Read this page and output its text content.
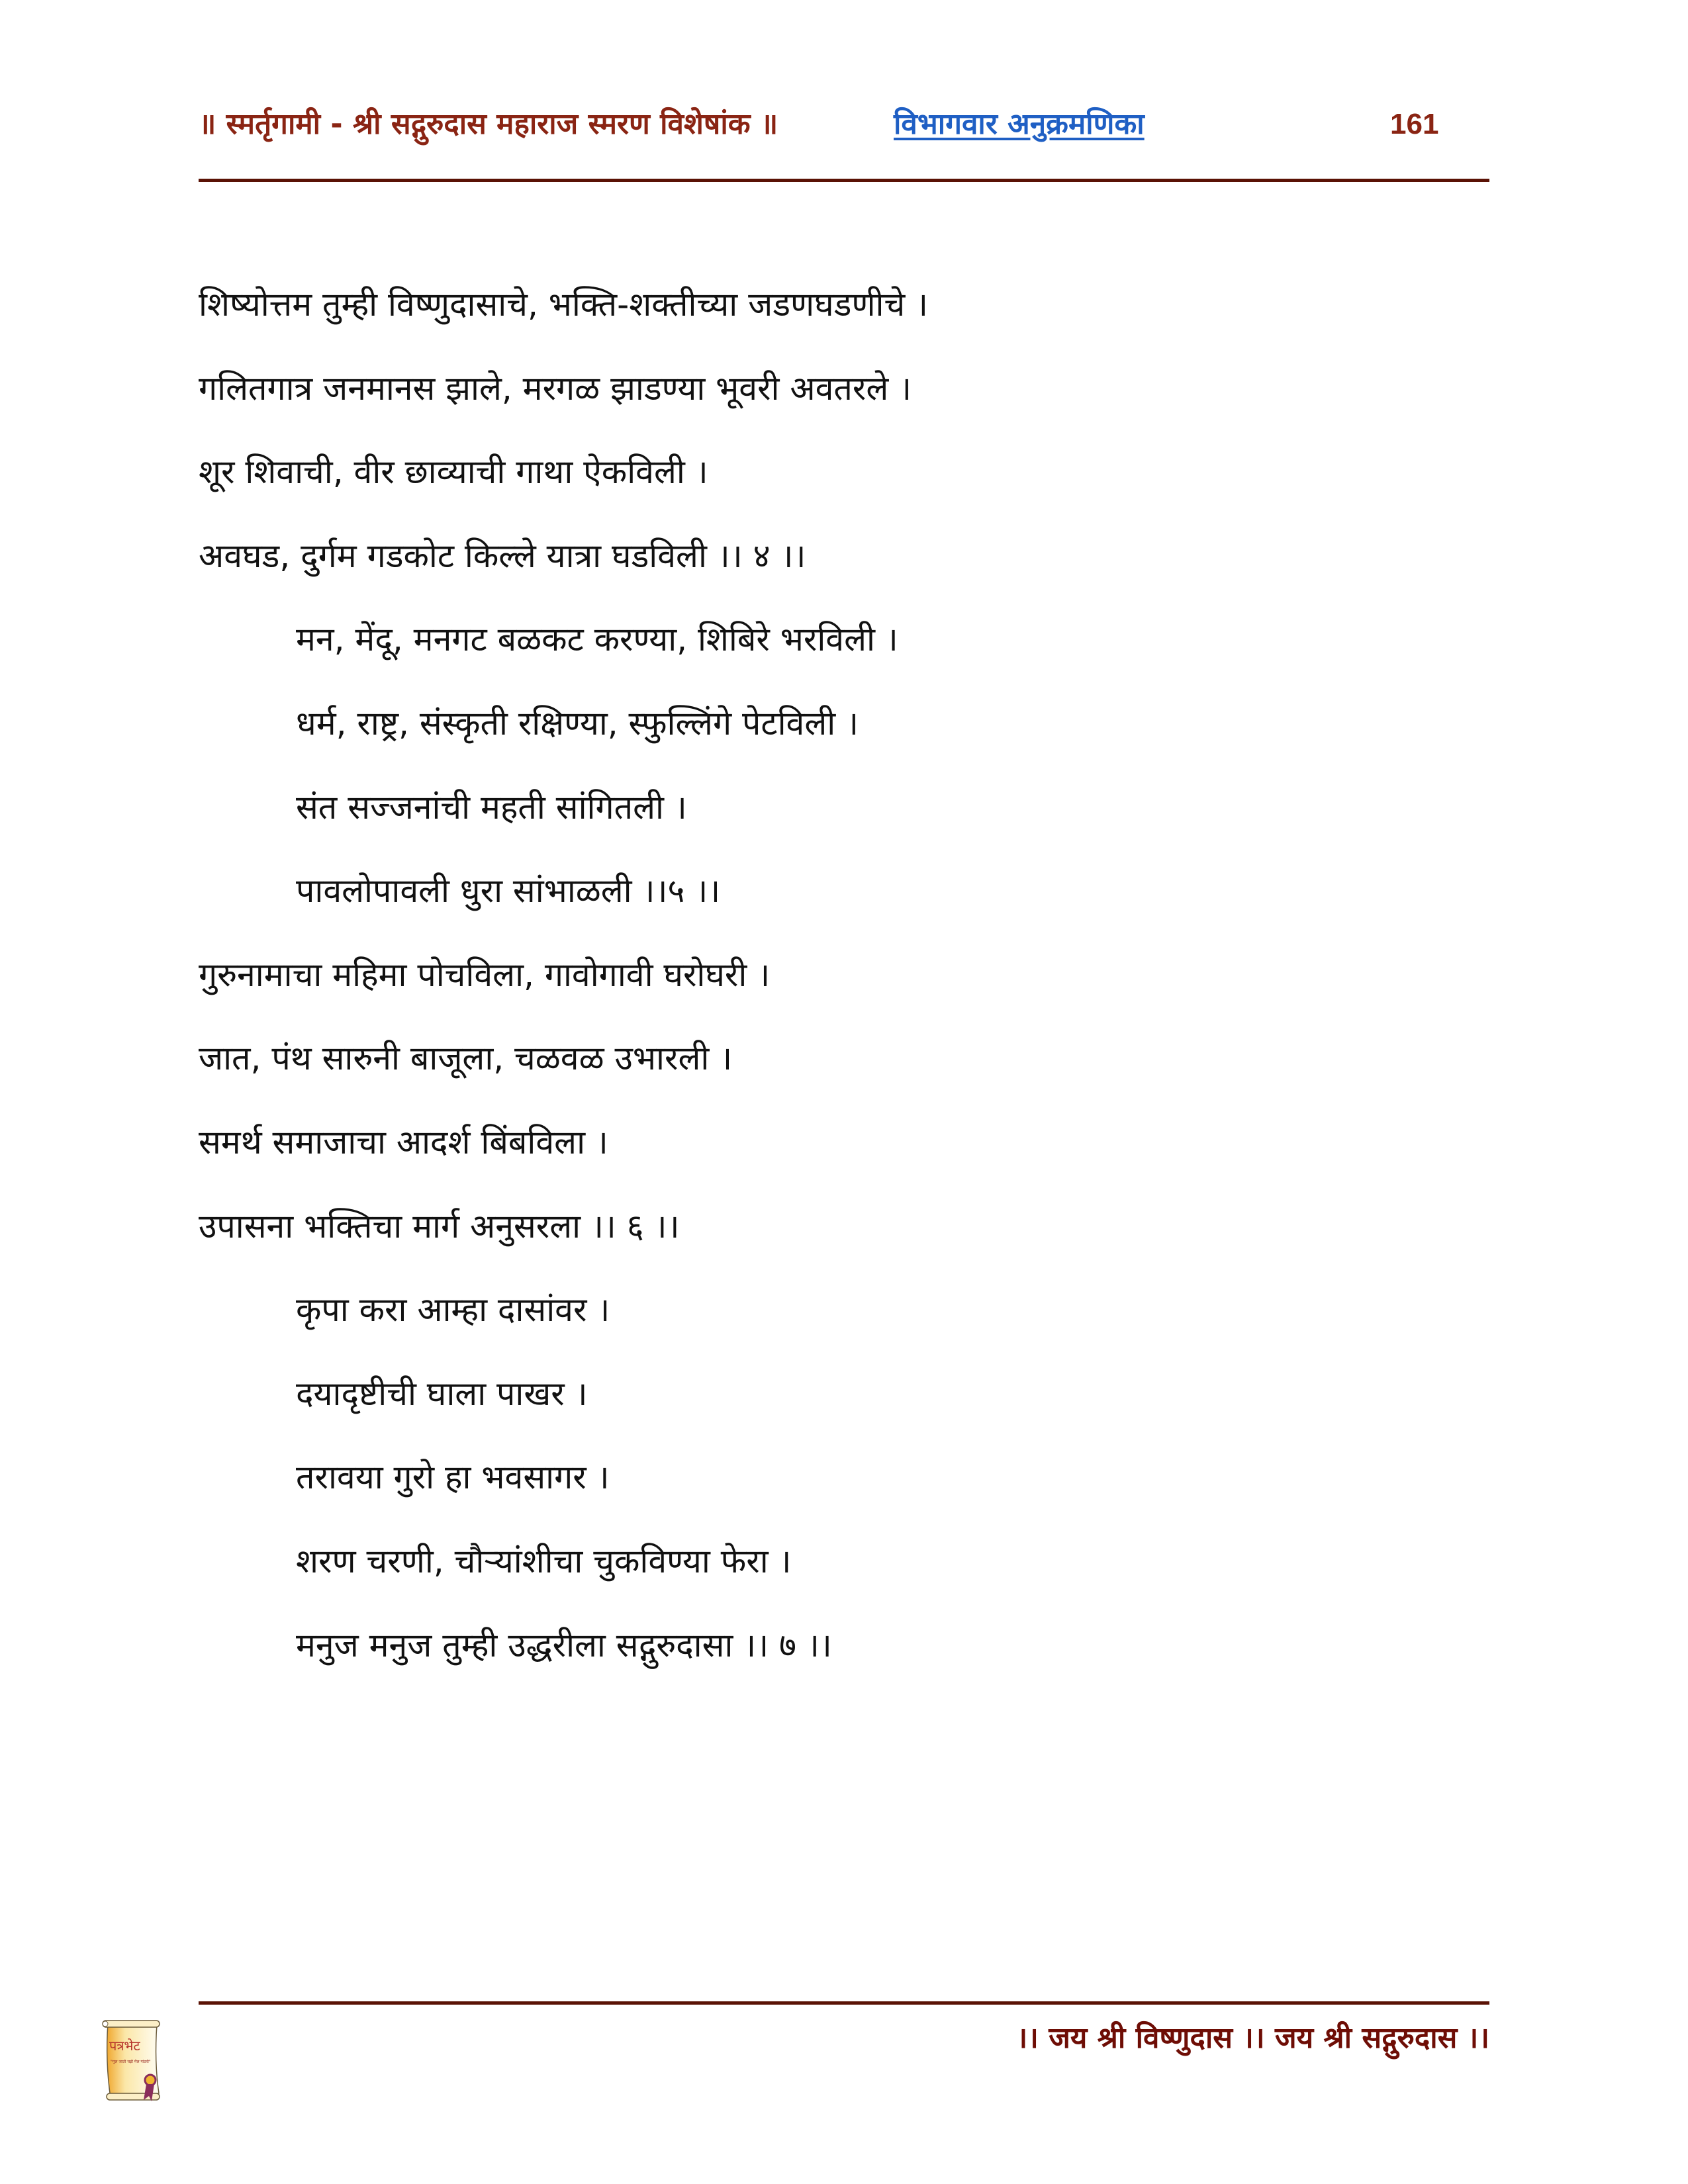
॥ स्मर्तृगामी - श्री सद्गुरुदास महाराज स्मरण विशेषांक ॥	विभागवार अनुक्रमणिका	161
शिष्योत्तम तुम्ही विष्णुदासाचे, भक्ति-शक्तीच्या जडणघडणीचे ।
गलितगात्र जनमानस झाले, मरगळ झाडण्या भूवरी अवतरले ।
शूर शिवाची, वीर छाव्याची गाथा ऐकविली ।
अवघड, दुर्गम गडकोट किल्ले यात्रा घडविली ।। ४ ।।
मन, मेंदू, मनगट बळकट करण्या, शिबिरे भरविली ।
धर्म, राष्ट्र, संस्कृती रक्षिण्या, स्फुल्लिंगे पेटविली ।
संत सज्जनांची महती सांगितली ।
पावलोपावली धुरा सांभाळली ।।५ ।।
गुरुनामाचा महिमा पोचविला, गावोगावी घरोघरी ।
जात, पंथ सारुनी बाजूला, चळवळ उभारली ।
समर्थ समाजाचा आदर्श बिंबविला ।
उपासना भक्तिचा मार्ग अनुसरला ।। ६ ।।
कृपा करा आम्हा दासांवर ।
दयादृष्टीची घाला पाखर ।
तरावया गुरो हा भवसागर ।
शरण चरणी, चौऱ्यांशीचा चुकविण्या फेरा ।
मनुज मनुज तुम्ही उद्धरीला सद्गुरुदासा ।। ७ ।।
पत्रभेट
"मूल जातो चढ़ो मेल गांठरो"
।। जय श्री विष्णुदास ।। जय श्री सद्गुरुदास ।।
